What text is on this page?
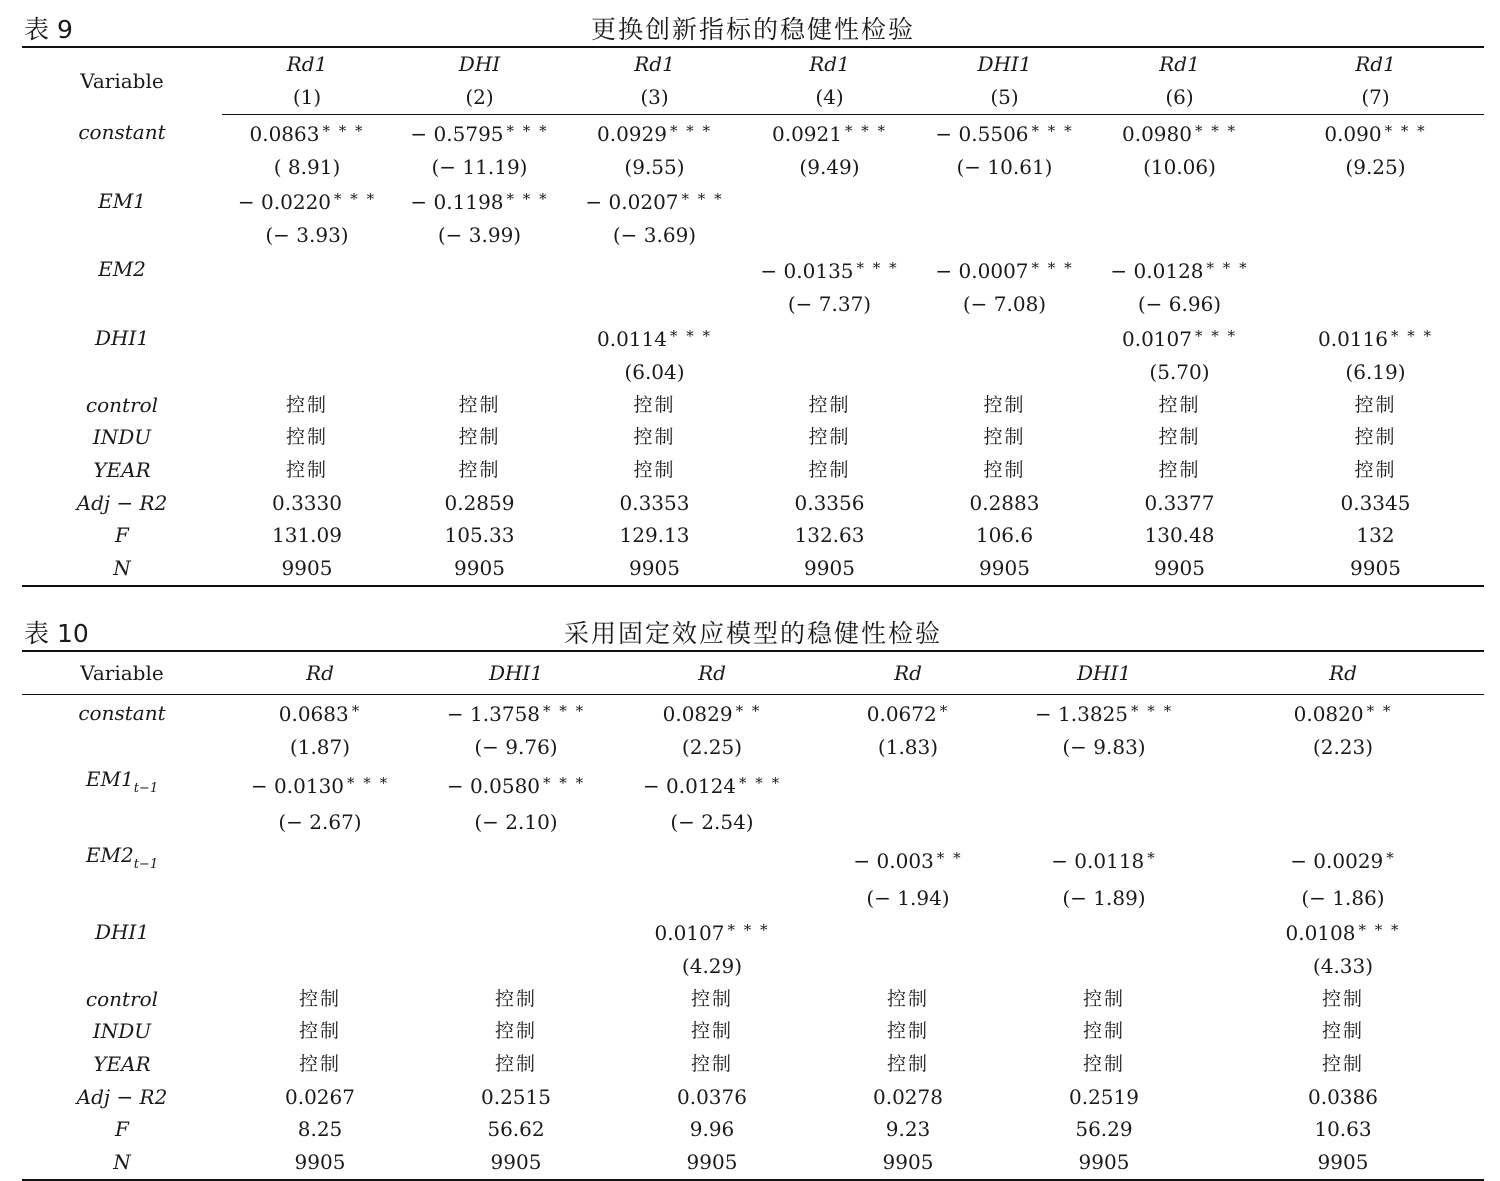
表 9	更换创新指标的稳健性检验
Variable	Rd1	DHI	Rd1	Rd1	DHI1	Rd1	Rd1
	(1)	(2)	(3)	(4)	(5)	(6)	(7)
constant	0.0863 * * *	− 0.5795 * * *	0.0929 * * *	0.0921 * * *	− 0.5506 * * *	0.0980 * * *	0.090 * * *
	( 8.91)	(− 11.19)	(9.55)	(9.49)	(− 10.61)	(10.06)	(9.25)
EM1	− 0.0220 * * *	− 0.1198 * * *	− 0.0207 * * *				
	(− 3.93)	(− 3.99)	(− 3.69)				
EM2				− 0.0135 * * *	− 0.0007 * * *	− 0.0128 * * *	
				(− 7.37)	(− 7.08)	(− 6.96)	
DHI1			0.0114 * * *			0.0107 * * *	0.0116 * * *
			(6.04)			(5.70)	(6.19)
control	控制	控制	控制	控制	控制	控制	控制
INDU	控制	控制	控制	控制	控制	控制	控制
YEAR	控制	控制	控制	控制	控制	控制	控制
Adj − R2	0.3330	0.2859	0.3353	0.3356	0.2883	0.3377	0.3345
F	131.09	105.33	129.13	132.63	106.6	130.48	132
N	9905	9905	9905	9905	9905	9905	9905
表 10	采用固定效应模型的稳健性检验
Variable	Rd	DHI1	Rd	Rd	DHI1	Rd
constant	0.0683 *	− 1.3758 * * *	0.0829 * *	0.0672 *	− 1.3825 * * *	0.0820 * *
	(1.87)	(− 9.76)	(2.25)	(1.83)	(− 9.83)	(2.23)
$EM1_{t-1}$	− 0.0130 * * *	− 0.0580 * * *	− 0.0124 * * *			
	(− 2.67)	(− 2.10)	(− 2.54)			
$EM2_{t-1}$				− 0.003 * *	− 0.0118 *	− 0.0029 *
				(− 1.94)	(− 1.89)	(− 1.86)
DHI1			0.0107 * * *			0.0108 * * *
			(4.29)			(4.33)
control	控制	控制	控制	控制	控制	控制
INDU	控制	控制	控制	控制	控制	控制
YEAR	控制	控制	控制	控制	控制	控制
Adj − R2	0.0267	0.2515	0.0376	0.0278	0.2519	0.0386
F	8.25	56.62	9.96	9.23	56.29	10.63
N	9905	9905	9905	9905	9905	9905
